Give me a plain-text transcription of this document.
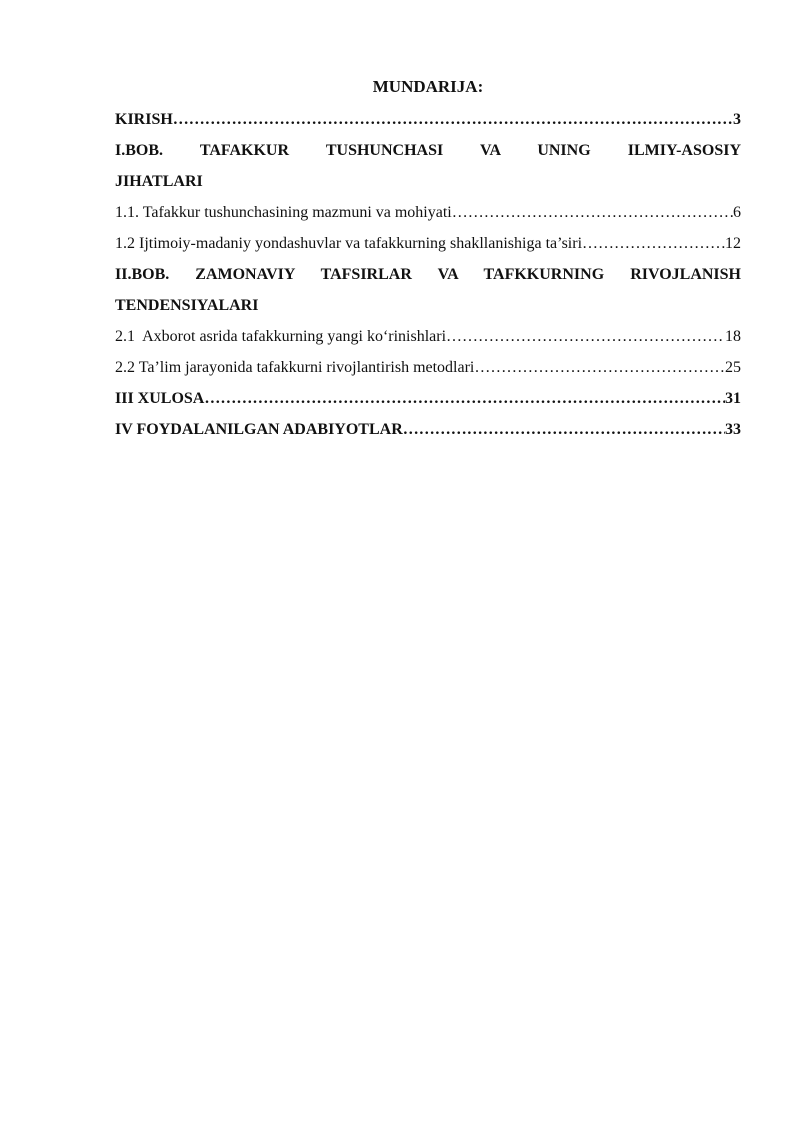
MUNDARIJA:
KIRISH ……………………………………………………………………………………………………………………………………………………………………	3
I.BOB. TAFAKKUR TUSHUNCHASI VA UNING ILMIY-ASOSIY
JIHATLARI
1.1. Tafakkur tushunchasining mazmuni va mohiyati ……………………………………………………………………………………………………………………………………………………………………	6
1.2 Ijtimoiy-madaniy yondashuvlar va tafakkurning shakllanishiga ta’siri ……………………………………………………………………………………………………………………………………………………………………	12
II.BOB. ZAMONAVIY TAFSIRLAR VA TAFKKURNING RIVOJLANISH
TENDENSIYALARI
2.1  Axborot asrida tafakkurning yangi ko‘rinishlari ……………………………………………………………………………………………………………………………………………………………………	18
2.2 Ta’lim jarayonida tafakkurni rivojlantirish metodlari ……………………………………………………………………………………………………………………………………………………………………	25
III XULOSA ……………………………………………………………………………………………………………………………………………………………………	31
IV FOYDALANILGAN ADABIYOTLAR ……………………………………………………………………………………………………………………………………………………………………	33
